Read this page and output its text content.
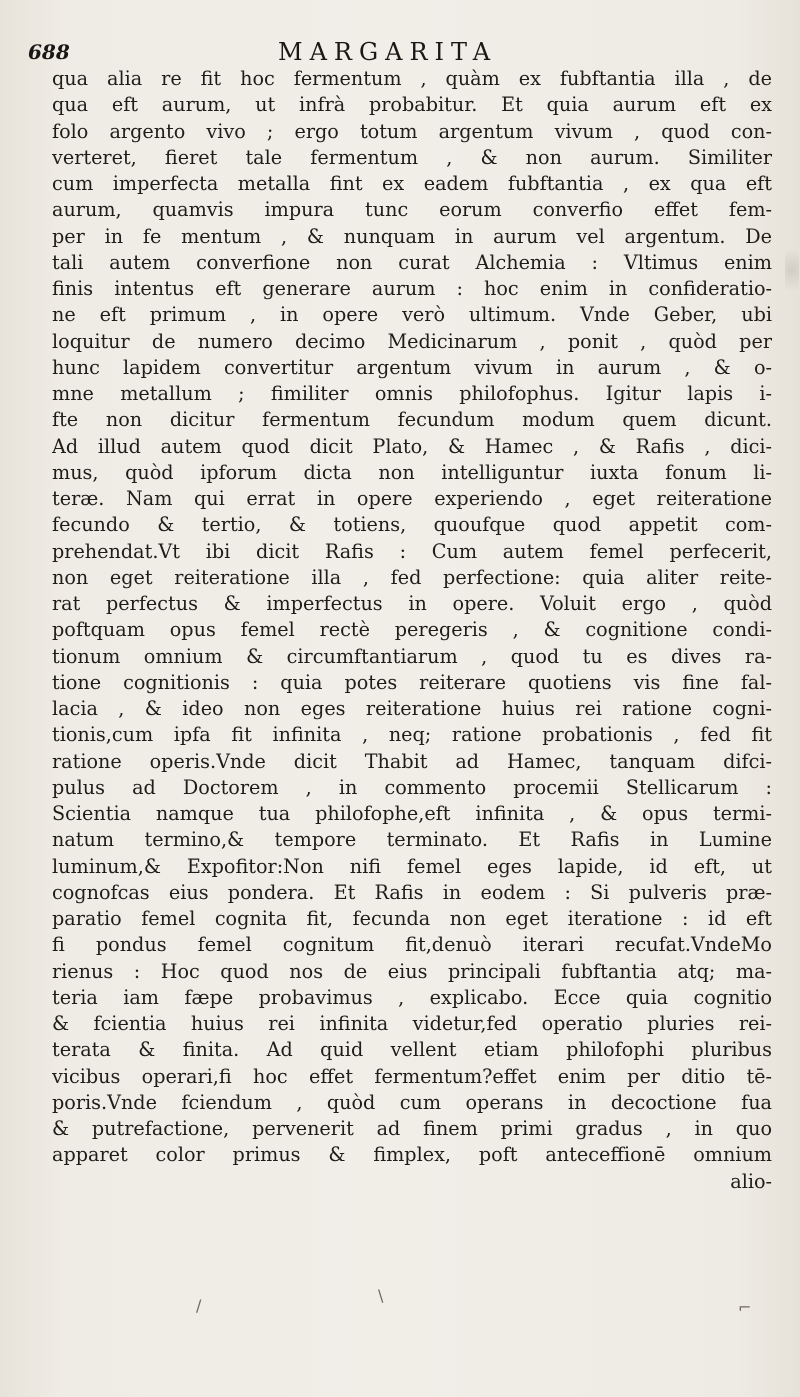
688	MARGARITA
qua alia re fit hoc fermentum , quàm ex fubftantia illa , de
qua eft aurum, ut infrà probabitur. Et quia aurum eft ex
folo argento vivo ; ergo totum argentum vivum , quod con-
verteret, fieret tale fermentum , & non aurum. Similiter
cum imperfecta metalla fint ex eadem fubftantia , ex qua eft
aurum, quamvis impura tunc eorum converfio effet fem-
per in fe mentum , & nunquam in aurum vel argentum. De
tali autem converfione non curat Alchemia : Vltimus enim
finis intentus eft generare aurum : hoc enim in confideratio-
ne eft primum , in opere verò ultimum. Vnde Geber, ubi
loquitur de numero decimo Medicinarum , ponit , quòd per
hunc lapidem convertitur argentum vivum in aurum , & o-
mne metallum ; fimiliter omnis philofophus. Igitur lapis i-
fte non dicitur fermentum fecundum modum quem dicunt.
Ad illud autem quod dicit Plato, & Hamec , & Rafis , dici-
mus, quòd ipforum dicta non intelliguntur iuxta fonum li-
teræ. Nam qui errat in opere experiendo , eget reiteratione
fecundo & tertio, & totiens, quoufque quod appetit com-
prehendat.Vt ibi dicit Rafis : Cum autem femel perfecerit,
non eget reiteratione illa , fed perfectione: quia aliter reite-
rat perfectus & imperfectus in opere. Voluit ergo , quòd
poftquam opus femel rectè peregeris , & cognitione condi-
tionum omnium & circumftantiarum , quod tu es dives ra-
tione cognitionis : quia potes reiterare quotiens vis fine fal-
lacia , & ideo non eges reiteratione huius rei ratione cogni-
tionis,cum ipfa fit infinita , neq; ratione probationis , fed fit
ratione operis.Vnde dicit Thabit ad Hamec, tanquam difci-
pulus ad Doctorem , in commento procemii Stellicarum :
Scientia namque tua philofophe,eft infinita , & opus termi-
natum termino,& tempore terminato. Et Rafis in Lumine
luminum,& Expofitor:Non nifi femel eges lapide, id eft, ut
cognofcas eius pondera. Et Rafis in eodem : Si pulveris præ-
paratio femel cognita fit, fecunda non eget iteratione : id eft
fi pondus femel cognitum fit,denuò iterari recufat.VndeMo
rienus : Hoc quod nos de eius principali fubftantia atq; ma-
teria iam fæpe probavimus , explicabo. Ecce quia cognitio
& fcientia huius rei infinita videtur,fed operatio pluries rei-
terata & finita. Ad quid vellent etiam philofophi pluribus
vicibus operari,fi hoc effet fermentum?effet enim per ditio tē-
poris.Vnde fciendum , quòd cum operans in decoctione fua
& putrefactione, pervenerit ad finem primi gradus , in quo
apparet color primus & fimplex, poft anteceffionē omnium
alio-
/
\
⌐
